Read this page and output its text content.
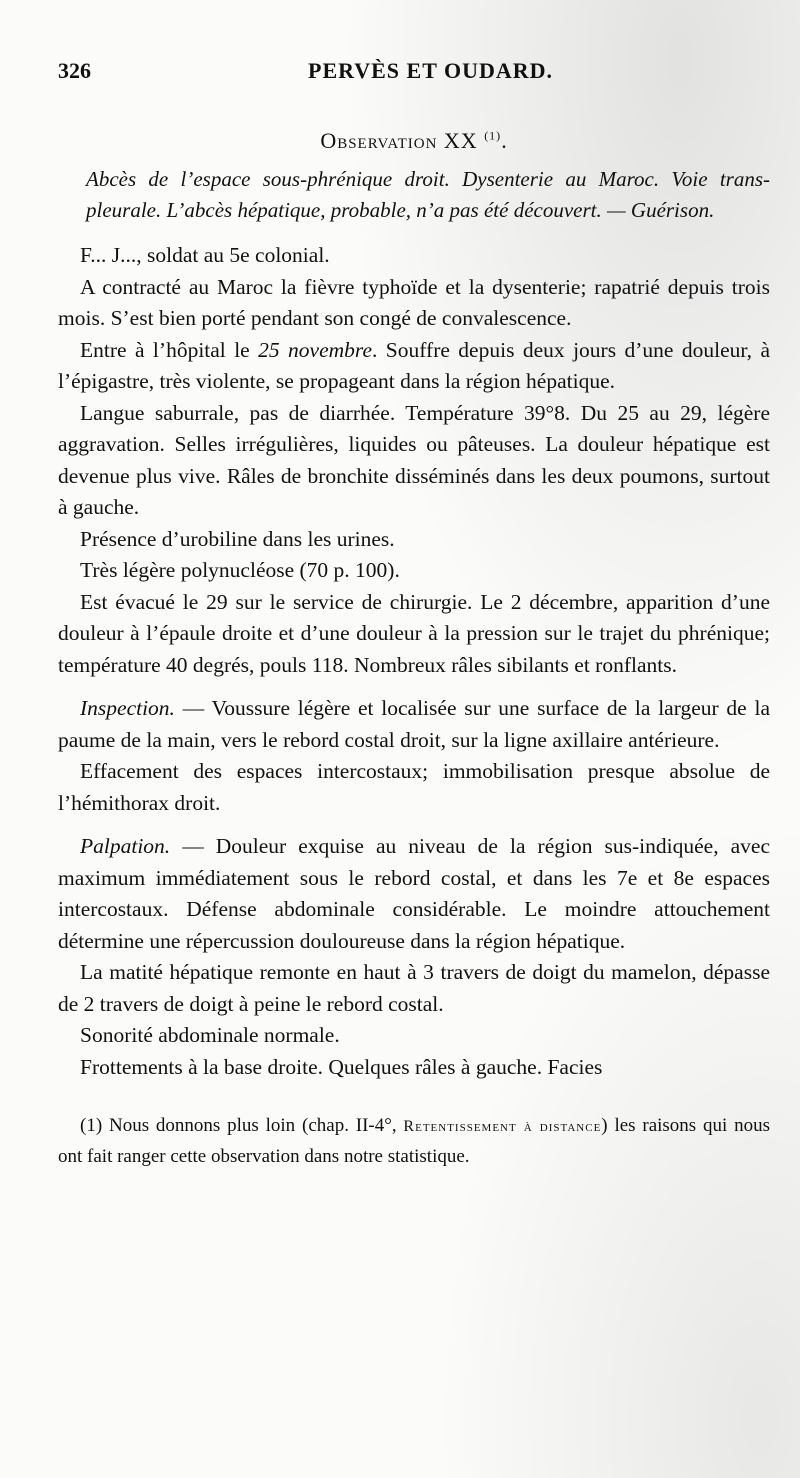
326	PERVÈS ET OUDARD.
Observation XX $^{(1)}$.
Abcès de l’espace sous-phrénique droit. Dysenterie au Maroc. Voie trans-pleurale. L’abcès hépatique, probable, n’a pas été découvert. — Guérison.

F... J..., soldat au 5e colonial.

A contracté au Maroc la fièvre typhoïde et la dysenterie; rapatrié depuis trois mois. S’est bien porté pendant son congé de convalescence.

Entre à l’hôpital le 25 novembre. Souffre depuis deux jours d’une douleur, à l’épigastre, très violente, se propageant dans la région hépatique.

Langue saburrale, pas de diarrhée. Température 39°8. Du 25 au 29, légère aggravation. Selles irrégulières, liquides ou pâteuses. La douleur hépatique est devenue plus vive. Râles de bronchite disséminés dans les deux poumons, surtout à gauche.

Présence d’urobiline dans les urines.

Très légère polynucléose (70 p. 100).

Est évacué le 29 sur le service de chirurgie. Le 2 décembre, apparition d’une douleur à l’épaule droite et d’une douleur à la pression sur le trajet du phrénique; température 40 degrés, pouls 118. Nombreux râles sibilants et ronflants.

Inspection. — Voussure légère et localisée sur une surface de la largeur de la paume de la main, vers le rebord costal droit, sur la ligne axillaire antérieure.

Effacement des espaces intercostaux; immobilisation presque absolue de l’hémithorax droit.

Palpation. — Douleur exquise au niveau de la région sus-indiquée, avec maximum immédiatement sous le rebord costal, et dans les 7e et 8e espaces intercostaux. Défense abdominale considérable. Le moindre attouchement détermine une répercussion douloureuse dans la région hépatique.

La matité hépatique remonte en haut à 3 travers de doigt du mamelon, dépasse de 2 travers de doigt à peine le rebord costal.

Sonorité abdominale normale.

Frottements à la base droite. Quelques râles à gauche. Facies

(1) Nous donnons plus loin (chap. II-4°, Retentissement à distance) les raisons qui nous ont fait ranger cette observation dans notre statistique.
